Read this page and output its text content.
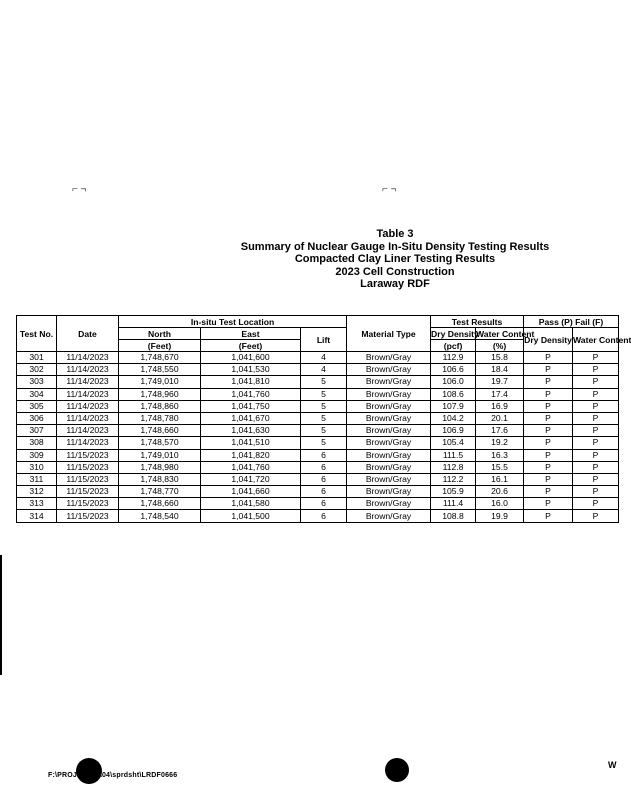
Table 3
Summary of Nuclear Gauge In-Situ Density Testing Results
Compacted Clay Liner Testing Results
2023 Cell Construction
Laraway RDF
⌐ ¬	⌐ ¬
Test No.	Date	In-situ Test Location			Material Type	Test Results		Pass (P) Fail (F)	
		North	East	Lift		Dry Density	Water Content	Dry Density	Water Content
		(Feet)	(Feet)			(pcf)	(%)		
301	11/14/2023	1,748,670	1,041,600	4	Brown/Gray	112.9	15.8	P	P
302	11/14/2023	1,748,550	1,041,530	4	Brown/Gray	106.6	18.4	P	P
303	11/14/2023	1,749,010	1,041,810	5	Brown/Gray	106.0	19.7	P	P
304	11/14/2023	1,748,960	1,041,760	5	Brown/Gray	108.6	17.4	P	P
305	11/14/2023	1,748,860	1,041,750	5	Brown/Gray	107.9	16.9	P	P
306	11/14/2023	1,748,780	1,041,670	5	Brown/Gray	104.2	20.1	P	P
307	11/14/2023	1,748,660	1,041,630	5	Brown/Gray	106.9	17.6	P	P
308	11/14/2023	1,748,570	1,041,510	5	Brown/Gray	105.4	19.2	P	P
309	11/15/2023	1,749,010	1,041,820	6	Brown/Gray	111.5	16.3	P	P
310	11/15/2023	1,748,980	1,041,760	6	Brown/Gray	112.8	15.5	P	P
311	11/15/2023	1,748,830	1,041,720	6	Brown/Gray	112.2	16.1	P	P
312	11/15/2023	1,748,770	1,041,660	6	Brown/Gray	105.9	20.6	P	P
313	11/15/2023	1,748,660	1,041,580	6	Brown/Gray	111.4	16.0	P	P
314	11/15/2023	1,748,540	1,041,500	6	Brown/Gray	108.8	19.9	P	P
F:\PROJ\ \0006\04\sprdsht\LRDF0666
W
